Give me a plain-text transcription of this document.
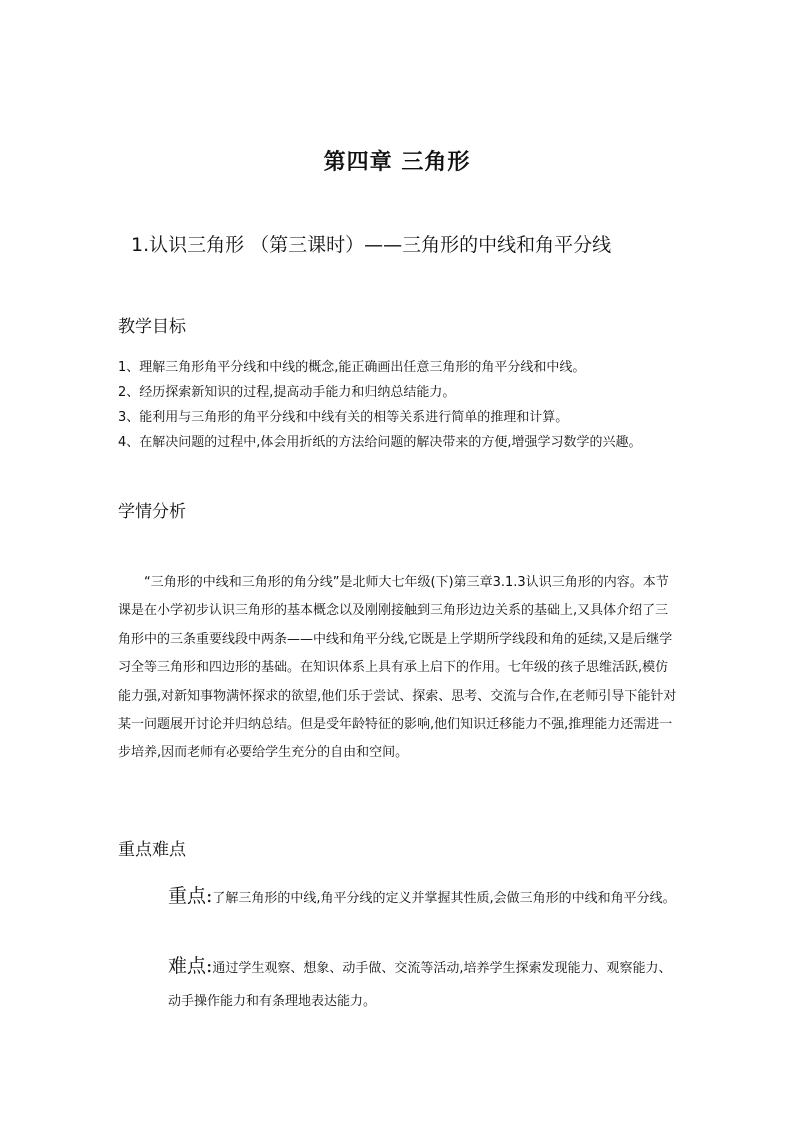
第四章 三角形
1.认识三角形 （第三课时）——三角形的中线和角平分线
教学目标
1、理解三角形角平分线和中线的概念,能正确画出任意三角形的角平分线和中线。
2、经历探索新知识的过程,提高动手能力和归纳总结能力。
3、能利用与三角形的角平分线和中线有关的相等关系进行简单的推理和计算。
4、在解决问题的过程中,体会用折纸的方法给问题的解决带来的方便,增强学习数学的兴趣。
学情分析

“三角形的中线和三角形的角分线”是北师大七年级(下)第三章3.1.3认识三角形的内容。本节课是在小学初步认识三角形的基本概念以及刚刚接触到三角形边边关系的基础上,又具体介绍了三角形中的三条重要线段中两条——中线和角平分线,它既是上学期所学线段和角的延续,又是后继学习全等三角形和四边形的基础。在知识体系上具有承上启下的作用。七年级的孩子思维活跃,模仿能力强,对新知事物满怀探求的欲望,他们乐于尝试、探索、思考、交流与合作,在老师引导下能针对某一问题展开讨论并归纳总结。但是受年龄特征的影响,他们知识迁移能力不强,推理能力还需进一步培养,因而老师有必要给学生充分的自由和空间。

重点难点

重点:了解三角形的中线,角平分线的定义并掌握其性质,会做三角形的中线和角平分线。

难点:通过学生观察、想象、动手做、交流等活动,培养学生探索发现能力、观察能力、动手操作能力和有条理地表达能力。
